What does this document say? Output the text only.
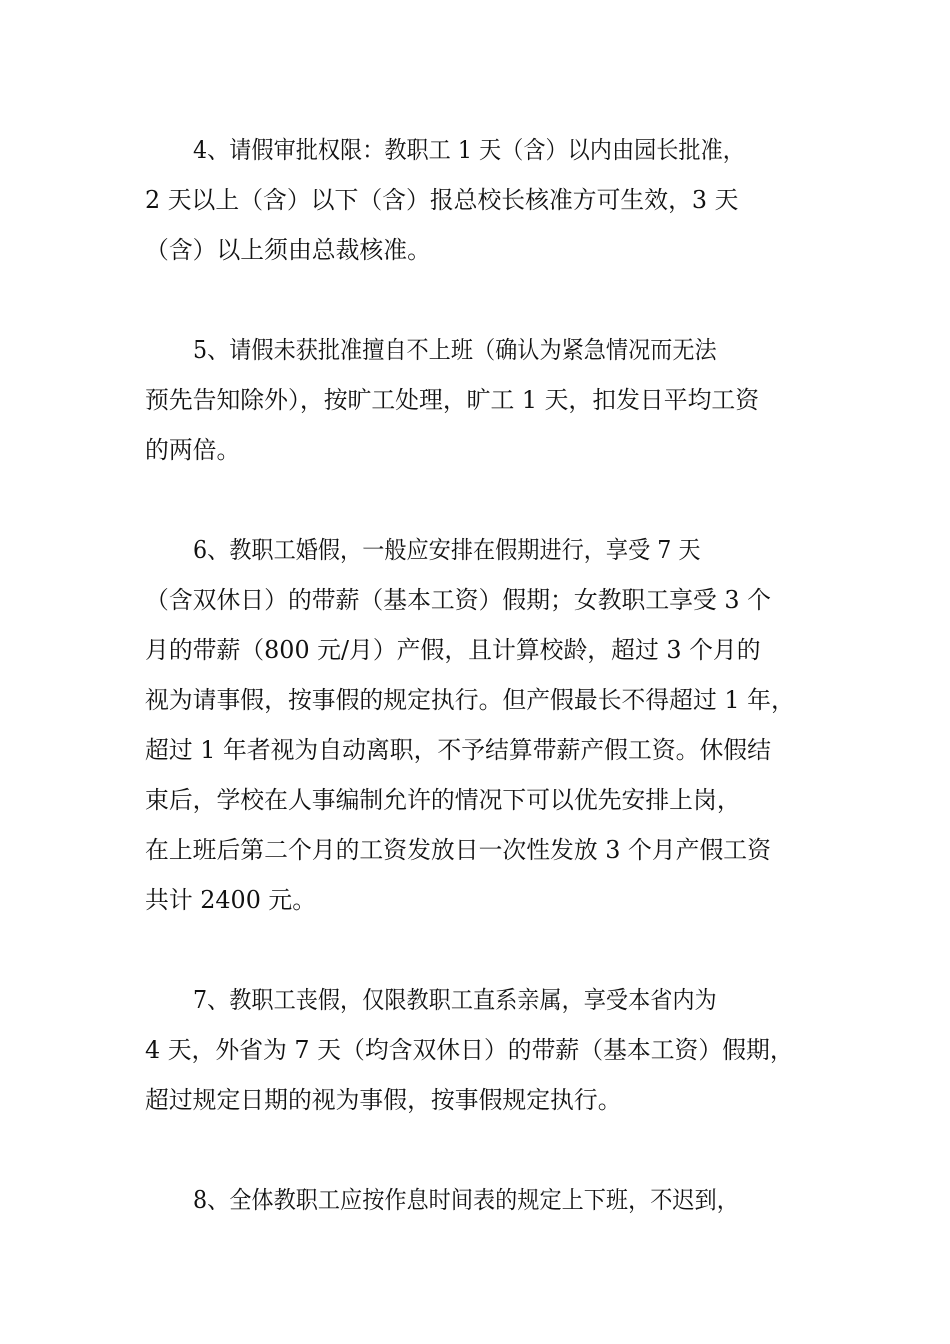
4、请假审批权限：教职工 1 天（含）以内由园长批准，
2 天以上（含）以下（含）报总校长核准方可生效，3 天
（含）以上须由总裁核准。
5、请假未获批准擅自不上班（确认为紧急情况而无法
预先告知除外），按旷工处理，旷工 1 天，扣发日平均工资
的两倍。
6、教职工婚假，一般应安排在假期进行，享受 7 天
（含双休日）的带薪（基本工资）假期；女教职工享受 3 个
月的带薪（800 元/月）产假，且计算校龄，超过 3 个月的
视为请事假，按事假的规定执行。但产假最长不得超过 1 年，
超过 1 年者视为自动离职，不予结算带薪产假工资。休假结
束后，学校在人事编制允许的情况下可以优先安排上岗，
在上班后第二个月的工资发放日一次性发放 3 个月产假工资
共计 2400 元。
7、教职工丧假，仅限教职工直系亲属，享受本省内为
4 天，外省为 7 天（均含双休日）的带薪（基本工资）假期，
超过规定日期的视为事假，按事假规定执行。
8、全体教职工应按作息时间表的规定上下班，不迟到，
